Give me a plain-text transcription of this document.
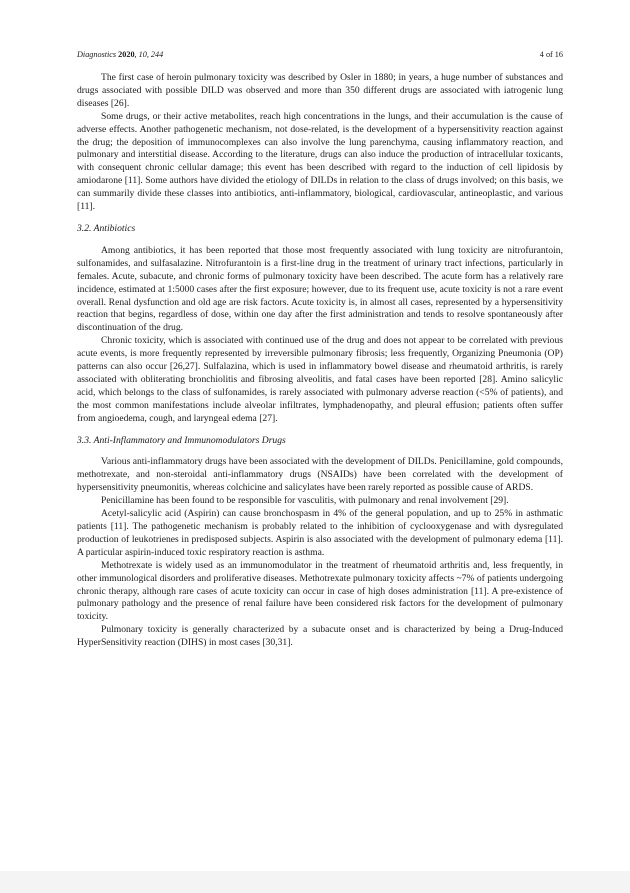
Diagnostics 2020, 10, 244	4 of 16

The first case of heroin pulmonary toxicity was described by Osler in 1880; in years, a huge number of substances and drugs associated with possible DILD was observed and more than 350 different drugs are associated with iatrogenic lung diseases [26].

Some drugs, or their active metabolites, reach high concentrations in the lungs, and their accumulation is the cause of adverse effects. Another pathogenetic mechanism, not dose-related, is the development of a hypersensitivity reaction against the drug; the deposition of immunocomplexes can also involve the lung parenchyma, causing inflammatory reaction, and pulmonary and interstitial disease. According to the literature, drugs can also induce the production of intracellular toxicants, with consequent chronic cellular damage; this event has been described with regard to the induction of cell lipidosis by amiodarone [11]. Some authors have divided the etiology of DILDs in relation to the class of drugs involved; on this basis, we can summarily divide these classes into antibiotics, anti-inflammatory, biological, cardiovascular, antineoplastic, and various [11].

3.2. Antibiotics

Among antibiotics, it has been reported that those most frequently associated with lung toxicity are nitrofurantoin, sulfonamides, and sulfasalazine. Nitrofurantoin is a first-line drug in the treatment of urinary tract infections, particularly in females. Acute, subacute, and chronic forms of pulmonary toxicity have been described. The acute form has a relatively rare incidence, estimated at 1:5000 cases after the first exposure; however, due to its frequent use, acute toxicity is not a rare event overall. Renal dysfunction and old age are risk factors. Acute toxicity is, in almost all cases, represented by a hypersensitivity reaction that begins, regardless of dose, within one day after the first administration and tends to resolve spontaneously after discontinuation of the drug.

Chronic toxicity, which is associated with continued use of the drug and does not appear to be correlated with previous acute events, is more frequently represented by irreversible pulmonary fibrosis; less frequently, Organizing Pneumonia (OP) patterns can also occur [26,27]. Sulfalazina, which is used in inflammatory bowel disease and rheumatoid arthritis, is rarely associated with obliterating bronchiolitis and fibrosing alveolitis, and fatal cases have been reported [28]. Amino salicylic acid, which belongs to the class of sulfonamides, is rarely associated with pulmonary adverse reaction (<5% of patients), and the most common manifestations include alveolar infiltrates, lymphadenopathy, and pleural effusion; patients often suffer from angioedema, cough, and laryngeal edema [27].

3.3. Anti-Inflammatory and Immunomodulators Drugs

Various anti-inflammatory drugs have been associated with the development of DILDs. Penicillamine, gold compounds, methotrexate, and non-steroidal anti-inflammatory drugs (NSAIDs) have been correlated with the development of hypersensitivity pneumonitis, whereas colchicine and salicylates have been rarely reported as possible cause of ARDS.

Penicillamine has been found to be responsible for vasculitis, with pulmonary and renal involvement [29].

Acetyl-salicylic acid (Aspirin) can cause bronchospasm in 4% of the general population, and up to 25% in asthmatic patients [11]. The pathogenetic mechanism is probably related to the inhibition of cyclooxygenase and with dysregulated production of leukotrienes in predisposed subjects. Aspirin is also associated with the development of pulmonary edema [11]. A particular aspirin-induced toxic respiratory reaction is asthma.

Methotrexate is widely used as an immunomodulator in the treatment of rheumatoid arthritis and, less frequently, in other immunological disorders and proliferative diseases. Methotrexate pulmonary toxicity affects ~7% of patients undergoing chronic therapy, although rare cases of acute toxicity can occur in case of high doses administration [11]. A pre-existence of pulmonary pathology and the presence of renal failure have been considered risk factors for the development of pulmonary toxicity.

Pulmonary toxicity is generally characterized by a subacute onset and is characterized by being a Drug-Induced HyperSensitivity reaction (DIHS) in most cases [30,31].
